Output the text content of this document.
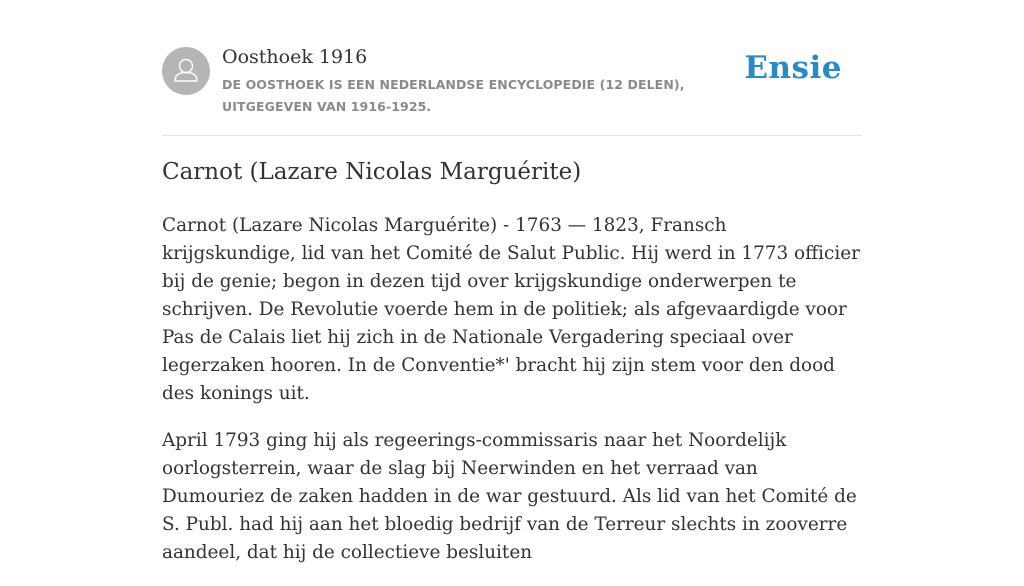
Oosthoek 1916
DE OOSTHOEK IS EEN NEDERLANDSE ENCYCLOPEDIE (12 DELEN), UITGEGEVEN VAN 1916-1925.
Ensie
Carnot (Lazare Nicolas Marguérite)

Carnot (Lazare Nicolas Marguérite) - 1763 — 1823, Fransch krijgskundige, lid van het Comité de Salut Public. Hij werd in 1773 officier bij de genie; begon in dezen tijd over krijgskundige onderwerpen te schrijven. De Revolutie voerde hem in de politiek; als afgevaardigde voor Pas de Calais liet hij zich in de Nationale Vergadering speciaal over legerzaken hooren. In de Conventie*' bracht hij zijn stem voor den dood des konings uit.

April 1793 ging hij als regeerings-commissaris naar het Noordelijk oorlogsterrein, waar de slag bij Neerwinden en het verraad van Dumouriez de zaken hadden in de war gestuurd. Als lid van het Comité de S. Publ. had hij aan het bloedig bedrijf van de Terreur slechts in zooverre aandeel, dat hij de collectieve besluiten
